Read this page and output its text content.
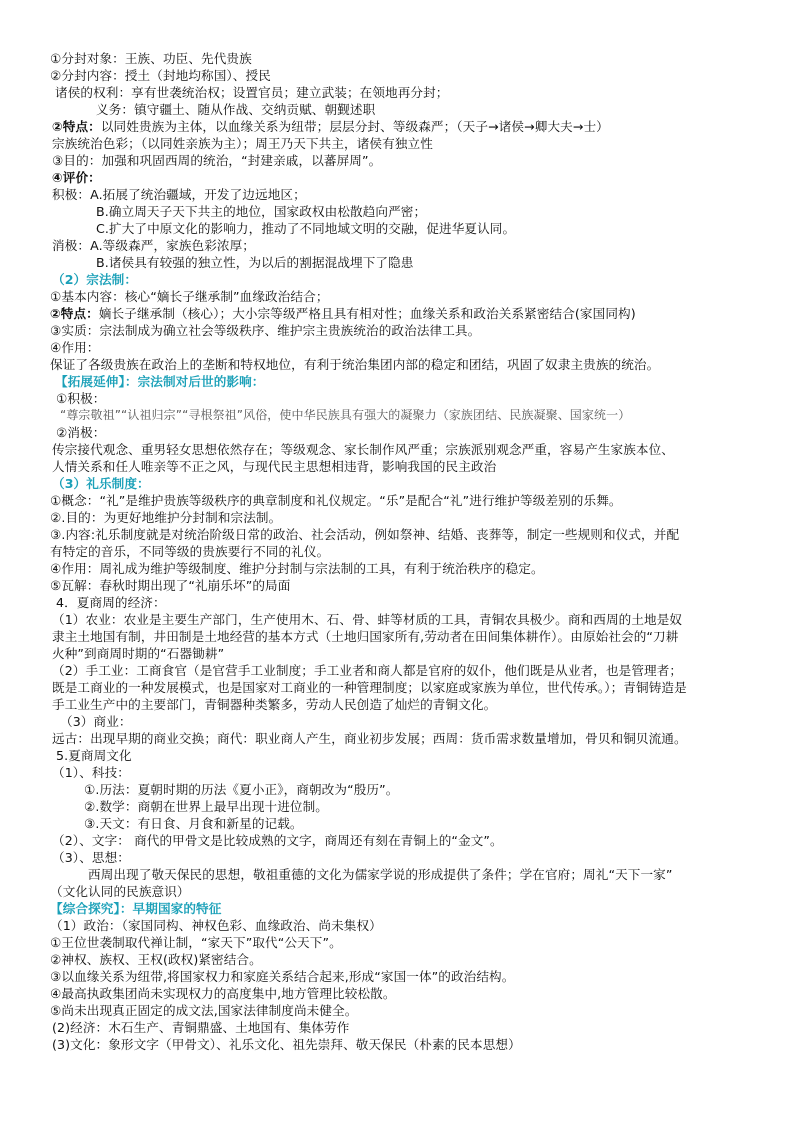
①分封对象：王族、功臣、先代贵族
②分封内容：授土（封地均称国）、授民
诸侯的权利：享有世袭统治权；设置官员；建立武装；在领地再分封；
义务：镇守疆土、随从作战、交纳贡赋、朝觐述职
②特点：以同姓贵族为主体，以血缘关系为纽带；层层分封、等级森严；（天子→诸侯→卿大夫→士）
宗族统治色彩；（以同姓亲族为主）；周王乃天下共主，诸侯有独立性
③目的：加强和巩固西周的统治，“封建亲戚，以蕃屏周”。
④评价：
积极：A.拓展了统治疆域，开发了边远地区；
B.确立周天子天下共主的地位，国家政权由松散趋向严密；
C.扩大了中原文化的影响力，推动了不同地域文明的交融，促进华夏认同。
消极：A.等级森严，家族色彩浓厚；
B.诸侯具有较强的独立性，为以后的割据混战埋下了隐患
（2）宗法制：
①基本内容：核心“嫡长子继承制”血缘政治结合；
②特点：嫡长子继承制（核心）；大小宗等级严格且具有相对性；血缘关系和政治关系紧密结合(家国同构)
③实质：宗法制成为确立社会等级秩序、维护宗主贵族统治的政治法律工具。
④作用：
保证了各级贵族在政治上的垄断和特权地位，有利于统治集团内部的稳定和团结，巩固了奴隶主贵族的统治。
【拓展延伸】：宗法制对后世的影响：
①积极：
“尊宗敬祖”“认祖归宗”“寻根祭祖”风俗，使中华民族具有强大的凝聚力（家族团结、民族凝聚、国家统一）
②消极：
传宗接代观念、重男轻女思想依然存在；等级观念、家长制作风严重；宗族派别观念严重，容易产生家族本位、
人情关系和任人唯亲等不正之风，与现代民主思想相违背，影响我国的民主政治
（3）礼乐制度：
①概念：“礼”是维护贵族等级秩序的典章制度和礼仪规定。“乐”是配合“礼”进行维护等级差别的乐舞。
②.目的：为更好地维护分封制和宗法制。
③.内容:礼乐制度就是对统治阶级日常的政治、社会活动，例如祭神、结婚、丧葬等，制定一些规则和仪式，并配
有特定的音乐，不同等级的贵族要行不同的礼仪。
④作用：周礼成为维护等级制度、维护分封制与宗法制的工具，有利于统治秩序的稳定。
⑤瓦解：春秋时期出现了“礼崩乐坏”的局面
4．夏商周的经济：
（1）农业：农业是主要生产部门，生产使用木、石、骨、蚌等材质的工具，青铜农具极少。商和西周的土地是奴
隶主土地国有制，井田制是土地经营的基本方式（土地归国家所有,劳动者在田间集体耕作）。由原始社会的“刀耕
火种”到商周时期的“石器锄耕”
（2）手工业：工商食官（是官营手工业制度；手工业者和商人都是官府的奴仆，他们既是从业者，也是管理者；
既是工商业的一种发展模式，也是国家对工商业的一种管理制度；以家庭或家族为单位，世代传承。）；青铜铸造是
手工业生产中的主要部门，青铜器种类繁多，劳动人民创造了灿烂的青铜文化。
（3）商业：
远古：出现早期的商业交换；商代：职业商人产生，商业初步发展；西周：货币需求数量增加，骨贝和铜贝流通。
5.夏商周文化
（1）、科技：
①.历法：夏朝时期的历法《夏小正》，商朝改为“殷历”。
②.数学：商朝在世界上最早出现十进位制。
③.天文：有日食、月食和新星的记载。
（2）、文字： 商代的甲骨文是比较成熟的文字，商周还有刻在青铜上的“金文”。
（3）、思想：
西周出现了敬天保民的思想，敬祖重德的文化为儒家学说的形成提供了条件；学在官府；周礼“天下一家”
（文化认同的民族意识）
【综合探究】：早期国家的特征
（1）政治：（家国同构、神权色彩、血缘政治、尚未集权）
①王位世袭制取代禅让制，“家天下”取代“公天下”。
②神权、族权、王权(政权)紧密结合。
③以血缘关系为纽带,将国家权力和家庭关系结合起来,形成“家国一体”的政治结构。
④最高执政集团尚未实现权力的高度集中,地方管理比较松散。
⑤尚未出现真正固定的成文法,国家法律制度尚未健全。
(2)经济：木石生产、青铜鼎盛、土地国有、集体劳作
(3)文化：象形文字（甲骨文）、礼乐文化、祖先崇拜、敬天保民（朴素的民本思想）
